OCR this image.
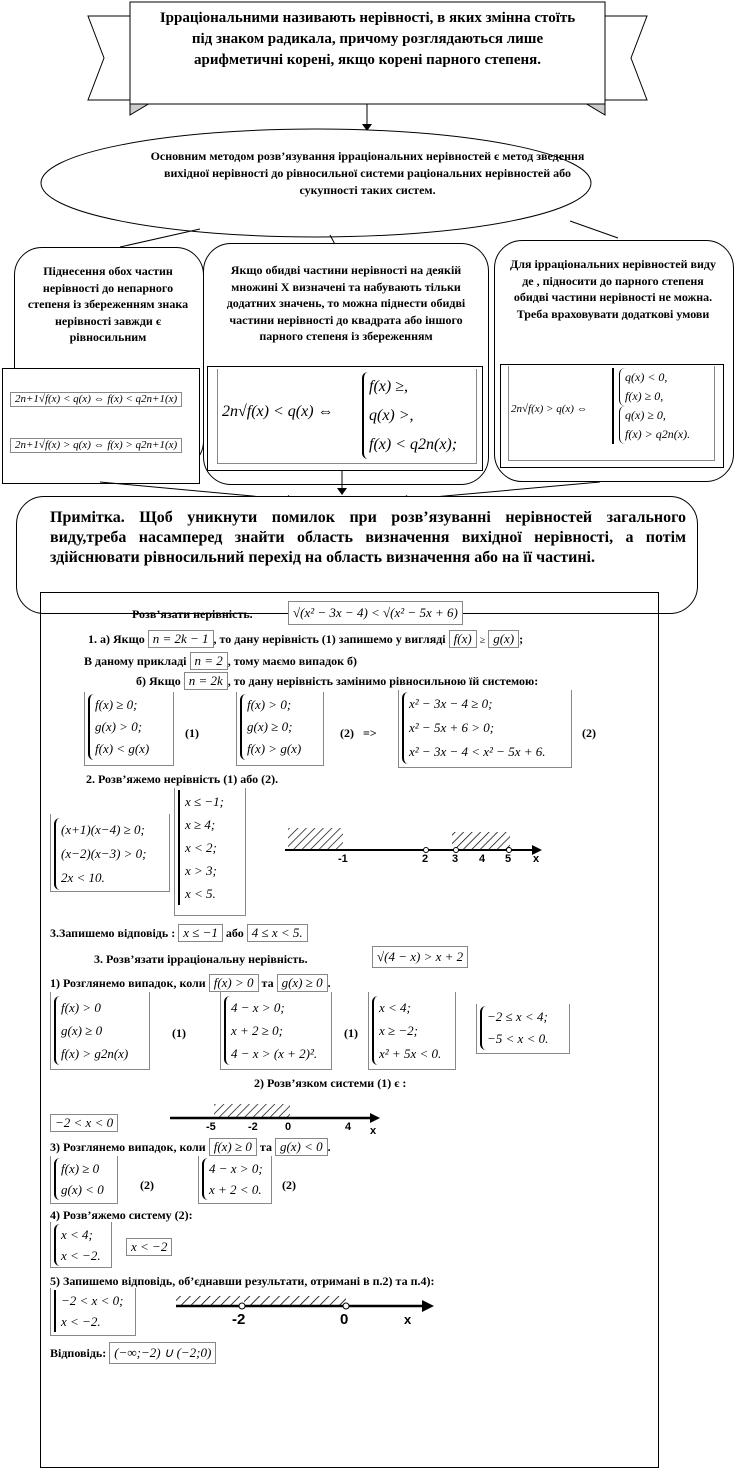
Ірраціональними називають нерівності, в яких змінна стоїть під знаком радикала, причому розглядаються лише арифметичні корені, якщо корені парного степеня.
Основним методом розв’язування ірраціональних нерівностей є метод зведення вихідної нерівності до рівносильної системи раціональних нерівностей або сукупності таких систем.
Піднесення обох частин нерівності до непарного степеня із збереженням знака нерівності завжди є рівносильним
Якщо обидві частини нерівності на деякій множині Х визначені та набувають тільки додатних значень, то можна піднести обидві частини нерівності до квадрата або іншого парного степеня із збереженням
Для ірраціональних нерівностей виду де , підносити до парного степеня обидві частини нерівності не можна. Треба враховувати додаткові умови
2n+1√f(x) < q(x) ⇔ f(x) < q2n+1(x)
2n+1√f(x) > q(x) ⇔ f(x) > q2n+1(x)
2n√f(x) < q(x) ⇔
f(x) ≥,
q(x) >,
f(x) < q2n(x);
2n√f(x) > q(x) ⇔
q(x) < 0,
f(x) ≥ 0,
q(x) ≥ 0,
f(x) > q2n(x).
Примітка. Щоб уникнути помилок при розв’язуванні нерівностей загального виду,треба насамперед знайти область визначення вихідної нерівності, а потім здійснювати рівносильний перехід на область визначення або на її частині.
Розв’язати нерівність.	√(x² − 3x − 4) < √(x² − 5x + 6)
1. а) Якщо n = 2k − 1 , то дану нерівність (1) запишемо у вигляді f(x) ≥ g(x) ;
В даному прикладі n = 2 , тому маємо випадок б)
б) Якщо n = 2k , то дану нерівність замінимо рівносильною їй системою:
f(x) ≥ 0;
g(x) > 0;
f(x) < g(x)
(1)
f(x) > 0;
g(x) ≥ 0;
f(x) > g(x)
(2) =>
x² − 3x − 4 ≥ 0;
x² − 5x + 6 > 0;
x² − 3x − 4 < x² − 5x + 6.
(2)
2. Розв’яжемо нерівність (1) або (2).
(x+1)(x−4) ≥ 0;
(x−2)(x−3) > 0;
2x < 10.
x ≤ −1;
x ≥ 4;
x < 2;
x > 3;
x < 5.
-1	2 3 4 5 x
3.Запишемо відповідь : x ≤ −1 або 4 ≤ x < 5.
3. Розв’язати ірраціональну нерівність.	√(4 − x) > x + 2
1) Розглянемо випадок, коли f(x) > 0 та g(x) ≥ 0 .
f(x) > 0
g(x) ≥ 0
f(x) > g2n(x)
(1)
4 − x > 0;
x + 2 ≥ 0;
4 − x > (x + 2)².
(1)
x < 4;
x ≥ −2;
x² + 5x < 0.
−2 ≤ x < 4;
−5 < x < 0.
2) Розв’язком системи (1) є :
−2 < x < 0	-5	-2 0	4 x
3) Розглянемо випадок, коли f(x) ≥ 0 та g(x) < 0 .
f(x) ≥ 0
g(x) < 0	(2)
4 − x > 0;
x + 2 < 0. (2)
4) Розв’яжемо систему (2):
x < 4;
x < −2.
x < −2
5) Запишемо відповідь, об’єднавши результати, отримані в п.2) та п.4):
−2 < x < 0;
x < −2.	-2	0	x
Відповідь: (−∞;−2) ∪ (−2;0)
